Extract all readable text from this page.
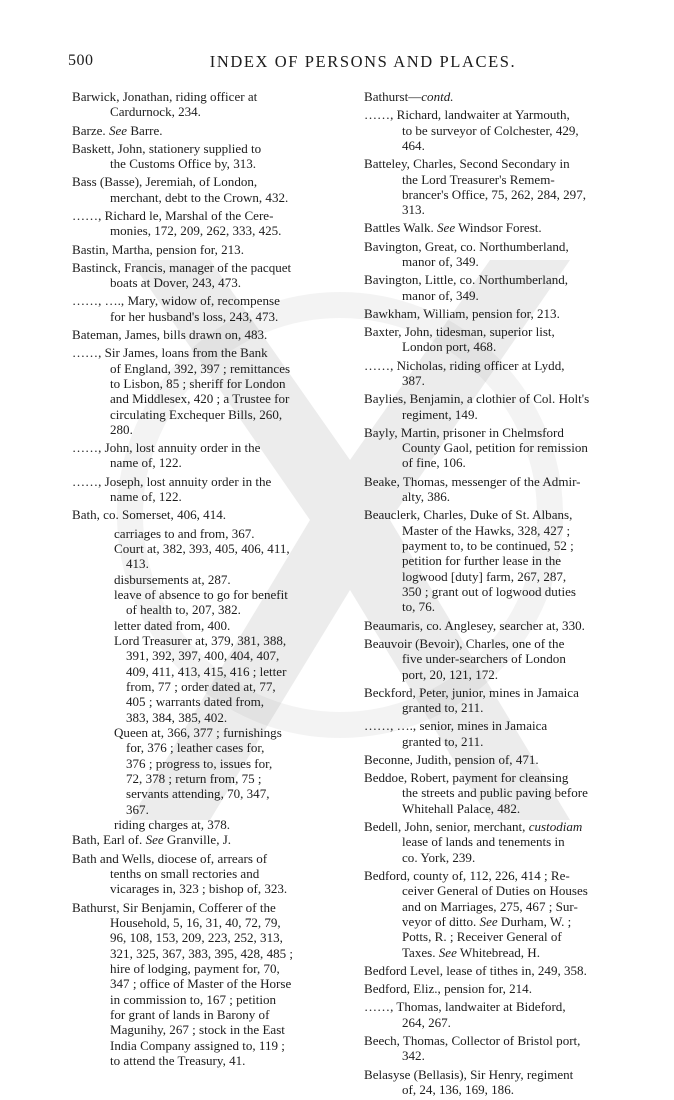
500	INDEX OF PERSONS AND PLACES.
Barwick, Jonathan, riding officer at
Cardurnock, 234.
Barze. See Barre.
Baskett, John, stationery supplied to
the Customs Office by, 313.
Bass (Basse), Jeremiah, of London,
merchant, debt to the Crown, 432.
……, Richard le, Marshal of the Cere-
monies, 172, 209, 262, 333, 425.
Bastin, Martha, pension for, 213.
Bastinck, Francis, manager of the pacquet
boats at Dover, 243, 473.
……, …., Mary, widow of, recompense
for her husband's loss, 243, 473.
Bateman, James, bills drawn on, 483.
……, Sir James, loans from the Bank
of England, 392, 397 ; remittances
to Lisbon, 85 ; sheriff for London
and Middlesex, 420 ; a Trustee for
circulating Exchequer Bills, 260,
280.
……, John, lost annuity order in the
name of, 122.
……, Joseph, lost annuity order in the
name of, 122.
Bath, co. Somerset, 406, 414.
carriages to and from, 367.
Court at, 382, 393, 405, 406, 411,
413.
disbursements at, 287.
leave of absence to go for benefit
of health to, 207, 382.
letter dated from, 400.
Lord Treasurer at, 379, 381, 388,
391, 392, 397, 400, 404, 407,
409, 411, 413, 415, 416 ; letter
from, 77 ; order dated at, 77,
405 ; warrants dated from,
383, 384, 385, 402.
Queen at, 366, 377 ; furnishings
for, 376 ; leather cases for,
376 ; progress to, issues for,
72, 378 ; return from, 75 ;
servants attending, 70, 347,
367.
riding charges at, 378.
Bath, Earl of. See Granville, J.
Bath and Wells, diocese of, arrears of
tenths on small rectories and
vicarages in, 323 ; bishop of, 323.
Bathurst, Sir Benjamin, Cofferer of the
Household, 5, 16, 31, 40, 72, 79,
96, 108, 153, 209, 223, 252, 313,
321, 325, 367, 383, 395, 428, 485 ;
hire of lodging, payment for, 70,
347 ; office of Master of the Horse
in commission to, 167 ; petition
for grant of lands in Barony of
Magunihy, 267 ; stock in the East
India Company assigned to, 119 ;
to attend the Treasury, 41.
Bathurst—contd.
……, Richard, landwaiter at Yarmouth,
to be surveyor of Colchester, 429,
464.
Batteley, Charles, Second Secondary in
the Lord Treasurer's Remem-
brancer's Office, 75, 262, 284, 297,
313.
Battles Walk. See Windsor Forest.
Bavington, Great, co. Northumberland,
manor of, 349.
Bavington, Little, co. Northumberland,
manor of, 349.
Bawkham, William, pension for, 213.
Baxter, John, tidesman, superior list,
London port, 468.
……, Nicholas, riding officer at Lydd,
387.
Baylies, Benjamin, a clothier of Col. Holt's
regiment, 149.
Bayly, Martin, prisoner in Chelmsford
County Gaol, petition for remission
of fine, 106.
Beake, Thomas, messenger of the Admir-
alty, 386.
Beauclerk, Charles, Duke of St. Albans,
Master of the Hawks, 328, 427 ;
payment to, to be continued, 52 ;
petition for further lease in the
logwood [duty] farm, 267, 287,
350 ; grant out of logwood duties
to, 76.
Beaumaris, co. Anglesey, searcher at, 330.
Beauvoir (Bevoir), Charles, one of the
five under-searchers of London
port, 20, 121, 172.
Beckford, Peter, junior, mines in Jamaica
granted to, 211.
……, …., senior, mines in Jamaica
granted to, 211.
Beconne, Judith, pension of, 471.
Beddoe, Robert, payment for cleansing
the streets and public paving before
Whitehall Palace, 482.
Bedell, John, senior, merchant, custodiam
lease of lands and tenements in
co. York, 239.
Bedford, county of, 112, 226, 414 ; Re-
ceiver General of Duties on Houses
and on Marriages, 275, 467 ; Sur-
veyor of ditto. See Durham, W. ;
Potts, R. ; Receiver General of
Taxes. See Whitebread, H.
Bedford Level, lease of tithes in, 249, 358.
Bedford, Eliz., pension for, 214.
……, Thomas, landwaiter at Bideford,
264, 267.
Beech, Thomas, Collector of Bristol port,
342.
Belasyse (Bellasis), Sir Henry, regiment
of, 24, 136, 169, 186.
